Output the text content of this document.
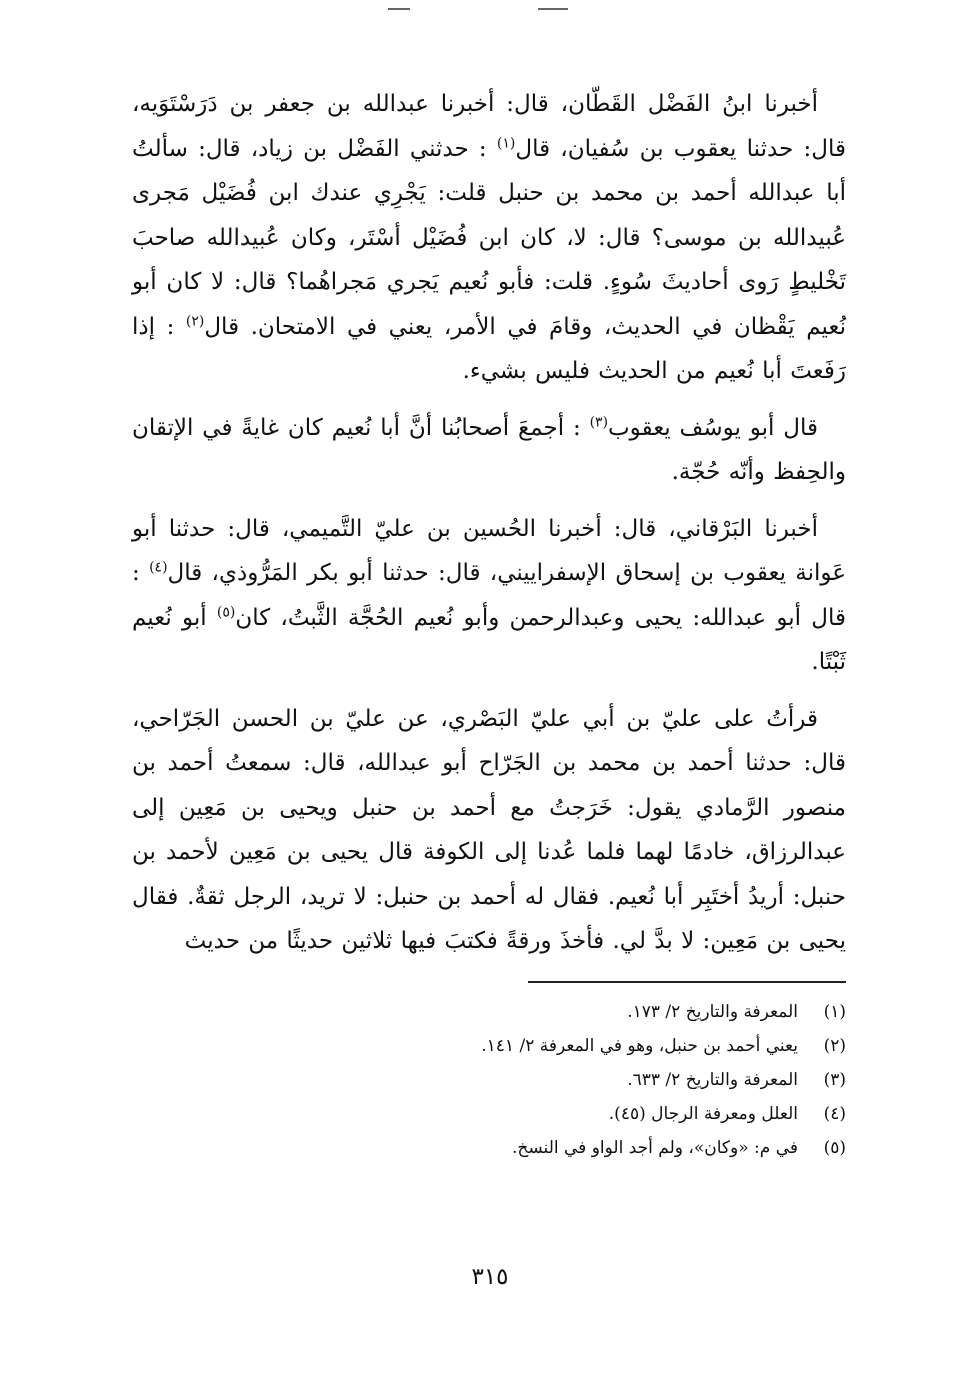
أخبرنا ابنُ الفَضْل القَطّان، قال: أخبرنا عبدالله بن جعفر بن دَرَسْتَوَيه، قال: حدثنا يعقوب بن سُفيان، قال$^{(١)}$ : حدثني الفَضْل بن زياد، قال: سألتُ أبا عبدالله أحمد بن محمد بن حنبل قلت: يَجْرِي عندك ابن فُضَيْل مَجرى عُبيدالله بن موسى؟ قال: لا، كان ابن فُضَيْل أسْتَر، وكان عُبيدالله صاحبَ تَخْليطٍ رَوى أحاديثَ سُوءٍ. قلت: فأبو نُعيم يَجري مَجراهُما؟ قال: لا كان أبو نُعيم يَقْظان في الحديث، وقامَ في الأمر، يعني في الامتحان. قال$^{(٢)}$ : إذا رَفَعتَ أبا نُعيم من الحديث فليس بشيء.

قال أبو يوسُف يعقوب$^{(٣)}$ : أجمعَ أصحابُنا أنَّ أبا نُعيم كان غايةً في الإتقان والحِفظ وأنّه حُجّة.

أخبرنا البَرْقاني، قال: أخبرنا الحُسين بن عليّ التَّميمي، قال: حدثنا أبو عَوانة يعقوب بن إسحاق الإسفراييني، قال: حدثنا أبو بكر المَرُّوذي، قال$^{(٤)}$ : قال أبو عبدالله: يحيى وعبدالرحمن وأبو نُعيم الحُجَّة الثَّبتُ، كان$^{(٥)}$ أبو نُعيم ثَبْتًا.

قرأتُ على عليّ بن أبي عليّ البَصْري، عن عليّ بن الحسن الجَرّاحي، قال: حدثنا أحمد بن محمد بن الجَرّاح أبو عبدالله، قال: سمعتُ أحمد بن منصور الرَّمادي يقول: خَرَجتُ مع أحمد بن حنبل ويحيى بن مَعِين إلى عبدالرزاق، خادمًا لهما فلما عُدنا إلى الكوفة قال يحيى بن مَعِين لأحمد بن حنبل: أريدُ أختَبِر أبا نُعيم. فقال له أحمد بن حنبل: لا تريد، الرجل ثقةٌ. فقال يحيى بن مَعِين: لا بدَّ لي. فأخذَ ورقةً فكتبَ فيها ثلاثين حديثًا من حديث

(١)المعرفة والتاريخ ٢/ ١٧٣.
(٢)يعني أحمد بن حنبل، وهو في المعرفة ٢/ ١٤١.
(٣)المعرفة والتاريخ ٢/ ٦٣٣.
(٤)العلل ومعرفة الرجال (٤٥).
(٥)في م: «وكان»، ولم أجد الواو في النسخ.
٣١٥
